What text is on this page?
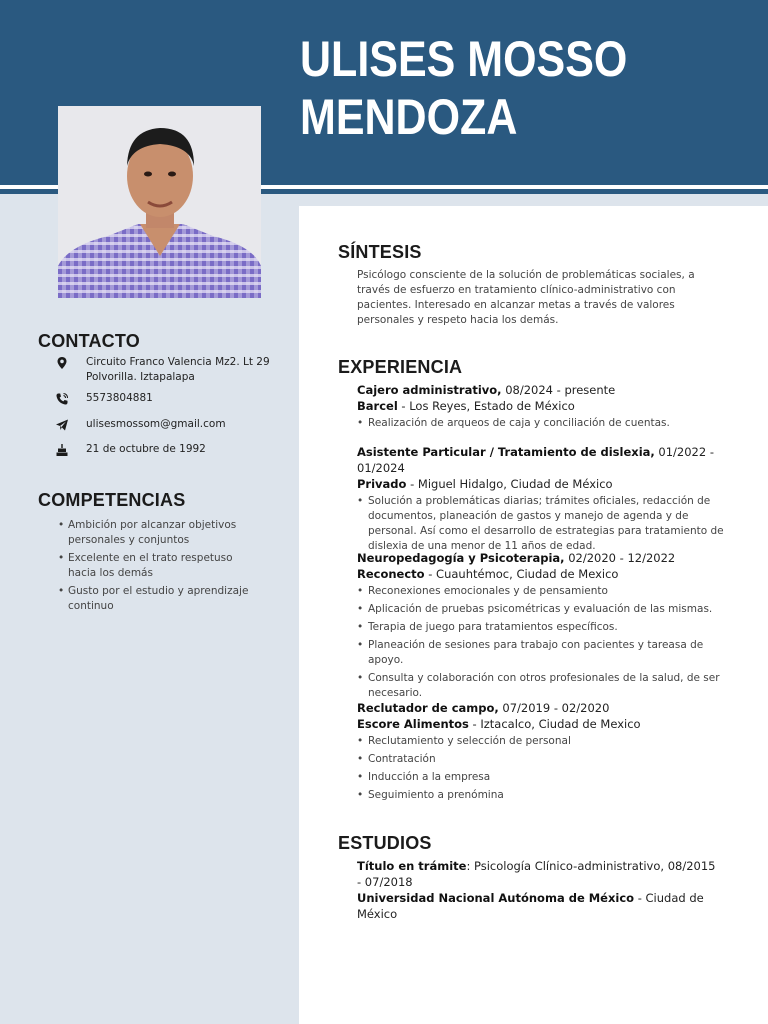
ULISES MOSSO
MENDOZA
CONTACTO
Circuito Franco Valencia Mz2. Lt 29 Polvorilla. Iztapalapa
5573804881
ulisesmossom@gmail.com
21 de octubre de 1992
COMPETENCIAS
• Ambición por alcanzar objetivos personales y conjuntos
• Excelente en el trato respetuso hacia los demás
• Gusto por el estudio y aprendizaje continuo
SÍNTESIS

Psicólogo consciente de la solución de problemáticas sociales, a través de esfuerzo en tratamiento clínico-administrativo con pacientes. Interesado en alcanzar metas a través de valores personales y respeto hacia los demás.

EXPERIENCIA
Cajero administrativo, 08/2024 - presente
Barcel - Los Reyes, Estado de México
• Realización de arqueos de caja y conciliación de cuentas.
Asistente Particular / Tratamiento de dislexia, 01/2022 - 01/2024
Privado - Miguel Hidalgo, Ciudad de México
• Solución a problemáticas diarias; trámites oficiales, redacción de documentos, planeación de gastos y manejo de agenda y de personal. Así como el desarrollo de estrategias para tratamiento de dislexia de una menor de 11 años de edad.
Neuropedagogía y Psicoterapia, 02/2020 - 12/2022
Reconecto - Cuauhtémoc, Ciudad de Mexico
• Reconexiones emocionales y de pensamiento
• Aplicación de pruebas psicométricas y evaluación de las mismas.
• Terapia de juego para tratamientos específicos.
• Planeación de sesiones para trabajo con pacientes y tareasa de apoyo.
• Consulta y colaboración con otros profesionales de la salud, de ser necesario.
Reclutador de campo, 07/2019 - 02/2020
Escore Alimentos - Iztacalco, Ciudad de Mexico
• Reclutamiento y selección de personal
• Contratación
• Inducción a la empresa
• Seguimiento a prenómina
ESTUDIOS
Título en trámite: Psicología Clínico-administrativo, 08/2015 - 07/2018
Universidad Nacional Autónoma de México - Ciudad de México
